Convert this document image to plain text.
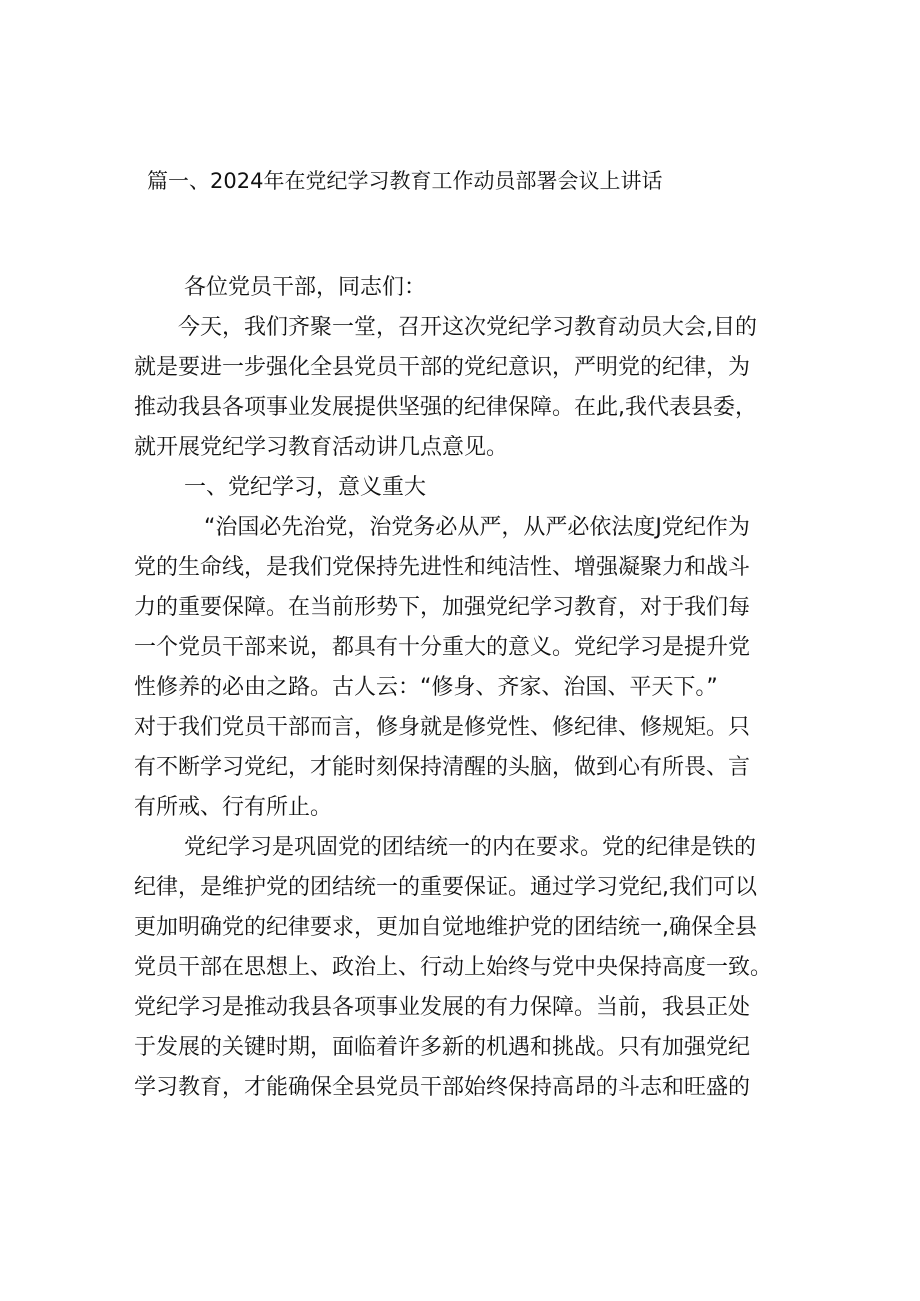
篇一、2024年在党纪学习教育工作动员部署会议上讲话
各位党员干部，同志们：
今天，我们齐聚一堂，召开这次党纪学习教育动员大会,目的
就是要进一步强化全县党员干部的党纪意识，严明党的纪律，为
推动我县各项事业发展提供坚强的纪律保障。在此,我代表县委，
就开展党纪学习教育活动讲几点意见。
一、党纪学习，意义重大
“治国必先治党，治党务必从严，从严必依法度J党纪作为
党的生命线，是我们党保持先进性和纯洁性、增强凝聚力和战斗
力的重要保障。在当前形势下，加强党纪学习教育，对于我们每
一个党员干部来说，都具有十分重大的意义。党纪学习是提升党
性修养的必由之路。古人云：“修身、齐家、治国、平天下。”
对于我们党员干部而言，修身就是修党性、修纪律、修规矩。只
有不断学习党纪，才能时刻保持清醒的头脑，做到心有所畏、言
有所戒、行有所止。
党纪学习是巩固党的团结统一的内在要求。党的纪律是铁的
纪律，是维护党的团结统一的重要保证。通过学习党纪,我们可以
更加明确党的纪律要求，更加自觉地维护党的团结统一,确保全县
党员干部在思想上、政治上、行动上始终与党中央保持高度一致。
党纪学习是推动我县各项事业发展的有力保障。当前，我县正处
于发展的关键时期，面临着许多新的机遇和挑战。只有加强党纪
学习教育，才能确保全县党员干部始终保持高昂的斗志和旺盛的
